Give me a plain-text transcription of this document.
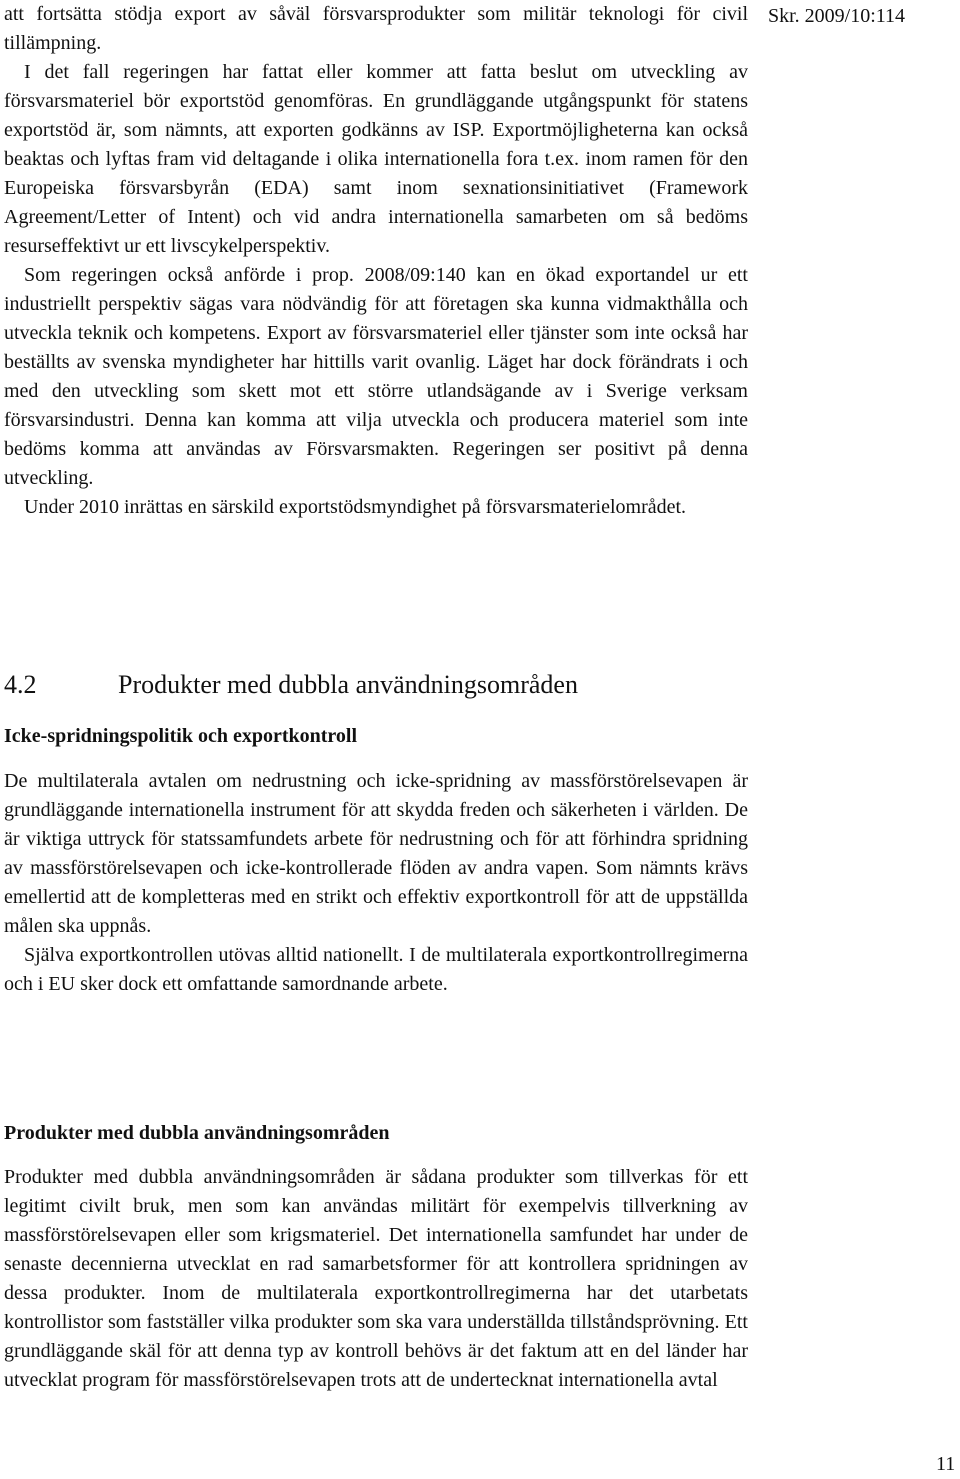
Skr. 2009/10:114

att fortsätta stödja export av såväl försvarsprodukter som militär teknologi för civil tillämpning.

I det fall regeringen har fattat eller kommer att fatta beslut om utveckling av försvarsmateriel bör exportstöd genomföras. En grundläggande utgångspunkt för statens exportstöd är, som nämnts, att exporten godkänns av ISP. Exportmöjligheterna kan också beaktas och lyftas fram vid deltagande i olika internationella fora t.ex. inom ramen för den Europeiska försvarsbyrån (EDA) samt inom sexnationsinitiativet (Framework Agreement/Letter of Intent) och vid andra internationella samarbeten om så bedöms resurseffektivt ur ett livscykelperspektiv.

Som regeringen också anförde i prop. 2008/09:140 kan en ökad exportandel ur ett industriellt perspektiv sägas vara nödvändig för att företagen ska kunna vidmakthålla och utveckla teknik och kompetens. Export av försvarsmateriel eller tjänster som inte också har beställts av svenska myndigheter har hittills varit ovanlig. Läget har dock förändrats i och med den utveckling som skett mot ett större utlandsägande av i Sverige verksam försvarsindustri. Denna kan komma att vilja utveckla och producera materiel som inte bedöms komma att användas av Försvarsmakten. Regeringen ser positivt på denna utveckling.

Under 2010 inrättas en särskild exportstödsmyndighet på försvarsmaterielområdet.

4.2	Produkter med dubbla användningsområden
Icke-spridningspolitik och exportkontroll

De multilaterala avtalen om nedrustning och icke-spridning av massförstörelsevapen är grundläggande internationella instrument för att skydda freden och säkerheten i världen. De är viktiga uttryck för statssamfundets arbete för nedrustning och för att förhindra spridning av massförstörelsevapen och icke-kontrollerade flöden av andra vapen. Som nämnts krävs emellertid att de kompletteras med en strikt och effektiv exportkontroll för att de uppställda målen ska uppnås.

Själva exportkontrollen utövas alltid nationellt. I de multilaterala exportkontrollregimerna och i EU sker dock ett omfattande samordnande arbete.

Produkter med dubbla användningsområden

Produkter med dubbla användningsområden är sådana produkter som tillverkas för ett legitimt civilt bruk, men som kan användas militärt för exempelvis tillverkning av massförstörelsevapen eller som krigsmateriel. Det internationella samfundet har under de senaste decennierna utvecklat en rad samarbetsformer för att kontrollera spridningen av dessa produkter. Inom de multilaterala exportkontrollregimerna har det utarbetats kontrollistor som fastställer vilka produkter som ska vara underställda tillståndsprövning. Ett grundläggande skäl för att denna typ av kontroll behövs är det faktum att en del länder har utvecklat program för massförstörelsevapen trots att de undertecknat internationella avtal

11
